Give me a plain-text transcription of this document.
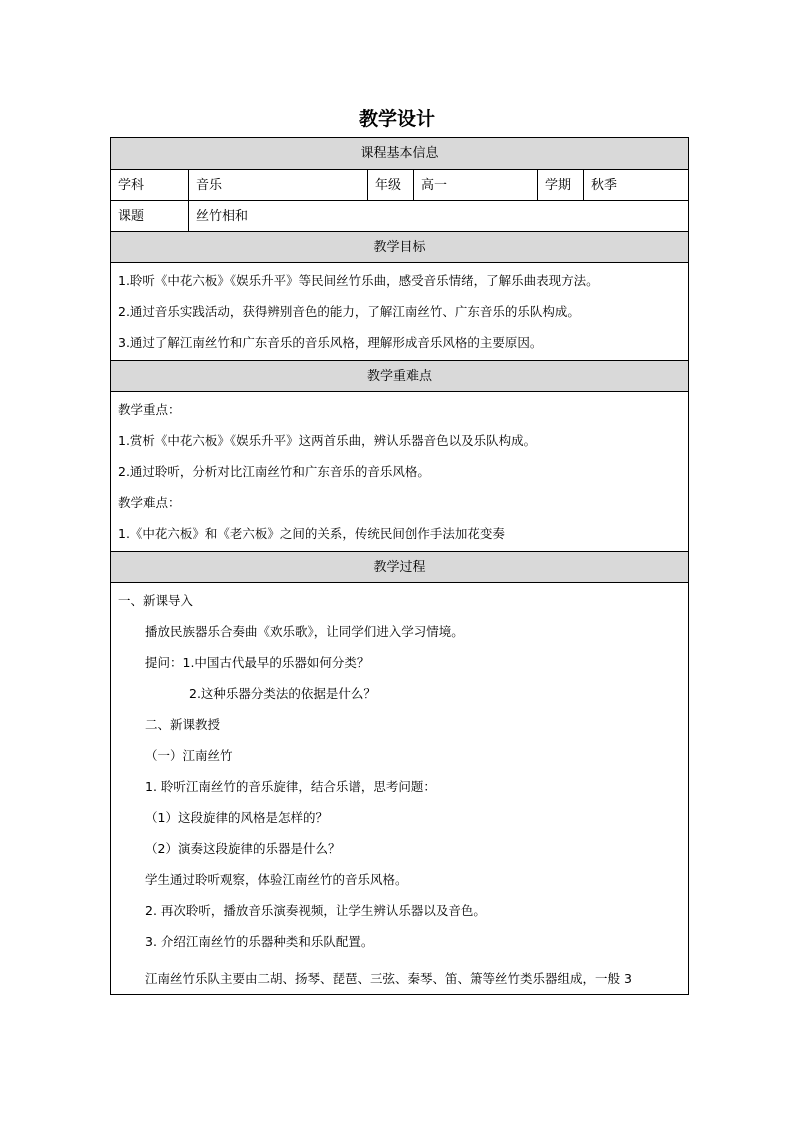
教学设计
课程基本信息
学科	音乐	年级	高一	学期	秋季
课题	丝竹相和
教学目标
1.聆听《中花六板》《娱乐升平》等民间丝竹乐曲，感受音乐情绪，了解乐曲表现方法。
2.通过音乐实践活动，获得辨别音色的能力，了解江南丝竹、广东音乐的乐队构成。
3.通过了解江南丝竹和广东音乐的音乐风格，理解形成音乐风格的主要原因。
教学重难点
教学重点：
1.赏析《中花六板》《娱乐升平》这两首乐曲，辨认乐器音色以及乐队构成。
2.通过聆听，分析对比江南丝竹和广东音乐的音乐风格。
教学难点：
1.《中花六板》和《老六板》之间的关系，传统民间创作手法加花变奏
教学过程
一、新课导入
播放民族器乐合奏曲《欢乐歌》，让同学们进入学习情境。
提问：1.中国古代最早的乐器如何分类？
2.这种乐器分类法的依据是什么？
二、新课教授
（一）江南丝竹
1. 聆听江南丝竹的音乐旋律，结合乐谱，思考问题：
（1）这段旋律的风格是怎样的？
（2）演奏这段旋律的乐器是什么？
学生通过聆听观察，体验江南丝竹的音乐风格。
2. 再次聆听，播放音乐演奏视频，让学生辨认乐器以及音色。
3. 介绍江南丝竹的乐器种类和乐队配置。
江南丝竹乐队主要由二胡、扬琴、琵琶、三弦、秦琴、笛、箫等丝竹类乐器组成，一般 3
